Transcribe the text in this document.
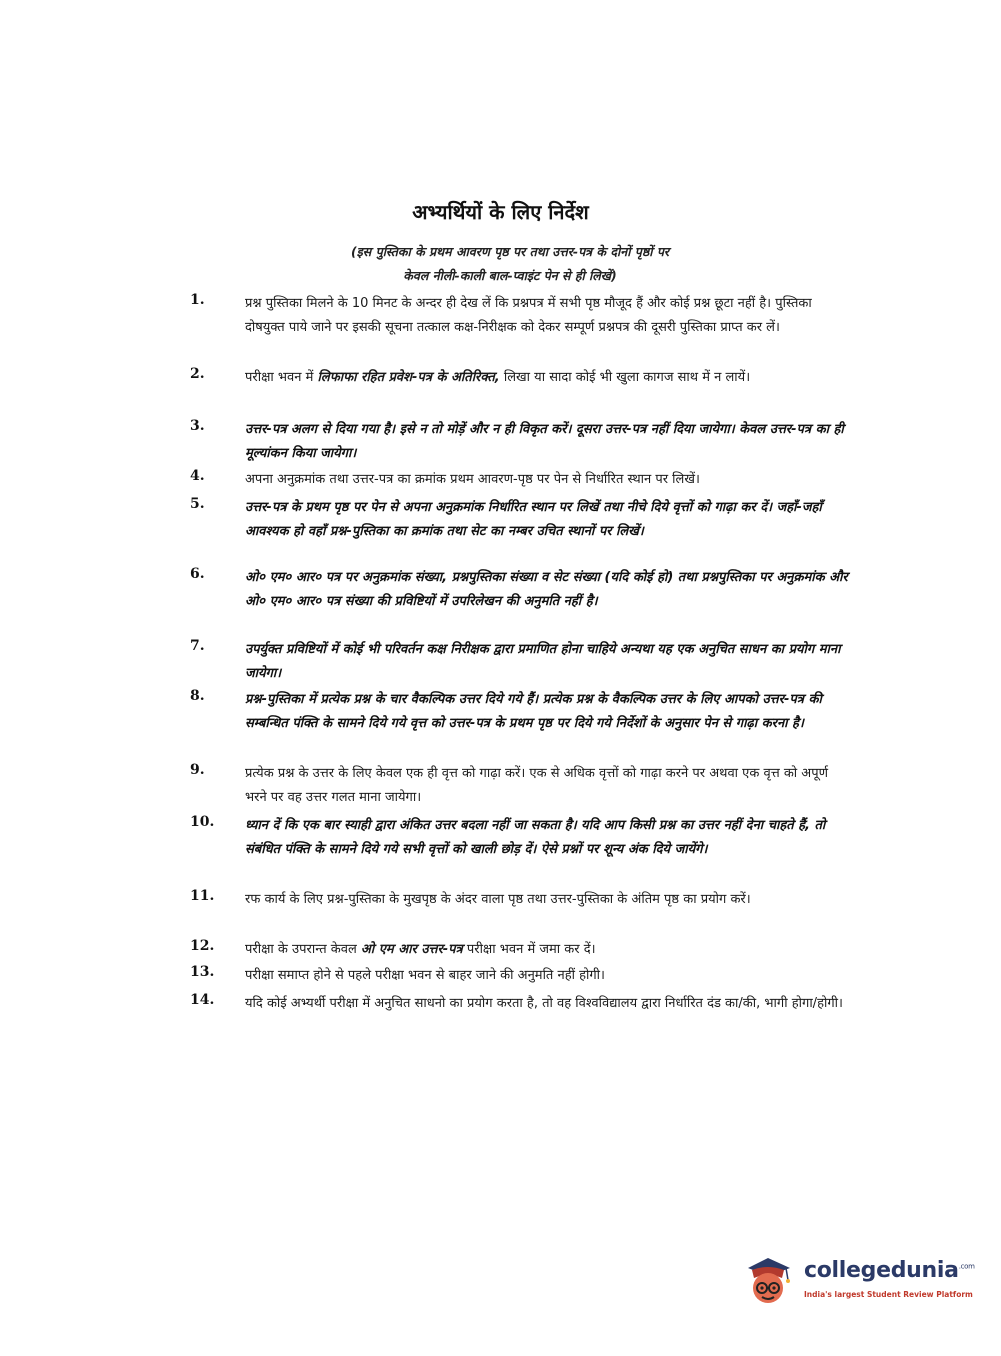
अभ्यर्थियों के लिए निर्देश
(इस पुस्तिका के प्रथम आवरण पृष्ठ पर तथा उत्तर-पत्र के दोनों पृष्ठों पर
केवल नीली-काली बाल-प्वाइंट पेन से ही लिखें)
1.	प्रश्न पुस्तिका मिलने के 10 मिनट के अन्दर ही देख लें कि प्रश्नपत्र में सभी पृष्ठ मौजूद हैं और कोई प्रश्न छूटा नहीं है। पुस्तिका दोषयुक्त पाये जाने पर इसकी सूचना तत्काल कक्ष-निरीक्षक को देकर सम्पूर्ण प्रश्नपत्र की दूसरी पुस्तिका प्राप्त कर लें।
2.	परीक्षा भवन में लिफाफा रहित प्रवेश-पत्र के अतिरिक्त, लिखा या सादा कोई भी खुला कागज साथ में न लायें।
3.	उत्तर-पत्र अलग से दिया गया है। इसे न तो मोड़ें और न ही विकृत करें। दूसरा उत्तर-पत्र नहीं दिया जायेगा। केवल उत्तर-पत्र का ही मूल्यांकन किया जायेगा।
4.	अपना अनुक्रमांक तथा उत्तर-पत्र का क्रमांक प्रथम आवरण-पृष्ठ पर पेन से निर्धारित स्थान पर लिखें।
5.	उत्तर-पत्र के प्रथम पृष्ठ पर पेन से अपना अनुक्रमांक निर्धारित स्थान पर लिखें तथा नीचे दिये वृत्तों को गाढ़ा कर दें। जहाँ-जहाँ आवश्यक हो वहाँ प्रश्न-पुस्तिका का क्रमांक तथा सेट का नम्बर उचित स्थानों पर लिखें।
6.	ओ० एम० आर० पत्र पर अनुक्रमांक संख्या, प्रश्नपुस्तिका संख्या व सेट संख्या (यदि कोई हो) तथा प्रश्नपुस्तिका पर अनुक्रमांक और ओ० एम० आर० पत्र संख्या की प्रविष्टियों में उपरिलेखन की अनुमति नहीं है।
7.	उपर्युक्त प्रविष्टियों में कोई भी परिवर्तन कक्ष निरीक्षक द्वारा प्रमाणित होना चाहिये अन्यथा यह एक अनुचित साधन का प्रयोग माना जायेगा।
8.	प्रश्न-पुस्तिका में प्रत्येक प्रश्न के चार वैकल्पिक उत्तर दिये गये हैं। प्रत्येक प्रश्न के वैकल्पिक उत्तर के लिए आपको उत्तर-पत्र की सम्बन्धित पंक्ति के सामने दिये गये वृत्त को उत्तर-पत्र के प्रथम पृष्ठ पर दिये गये निर्देशों के अनुसार पेन से गाढ़ा करना है।
9.	प्रत्येक प्रश्न के उत्तर के लिए केवल एक ही वृत्त को गाढ़ा करें। एक से अधिक वृत्तों को गाढ़ा करने पर अथवा एक वृत्त को अपूर्ण भरने पर वह उत्तर गलत माना जायेगा।
10.	ध्यान दें कि एक बार स्याही द्वारा अंकित उत्तर बदला नहीं जा सकता है। यदि आप किसी प्रश्न का उत्तर नहीं देना चाहते हैं, तो संबंधित पंक्ति के सामने दिये गये सभी वृत्तों को खाली छोड़ दें। ऐसे प्रश्नों पर शून्य अंक दिये जायेंगे।
11.	रफ कार्य के लिए प्रश्न-पुस्तिका के मुखपृष्ठ के अंदर वाला पृष्ठ तथा उत्तर-पुस्तिका के अंतिम पृष्ठ का प्रयोग करें।
12.	परीक्षा के उपरान्त केवल ओ एम आर उत्तर-पत्र परीक्षा भवन में जमा कर दें।
13.	परीक्षा समाप्त होने से पहले परीक्षा भवन से बाहर जाने की अनुमति नहीं होगी।
14.	यदि कोई अभ्यर्थी परीक्षा में अनुचित साधनो का प्रयोग करता है, तो वह विश्वविद्यालय द्वारा निर्धारित दंड का/की, भागी होगा/होगी।
collegedunia$^{.com}$
India's largest Student Review Platform
